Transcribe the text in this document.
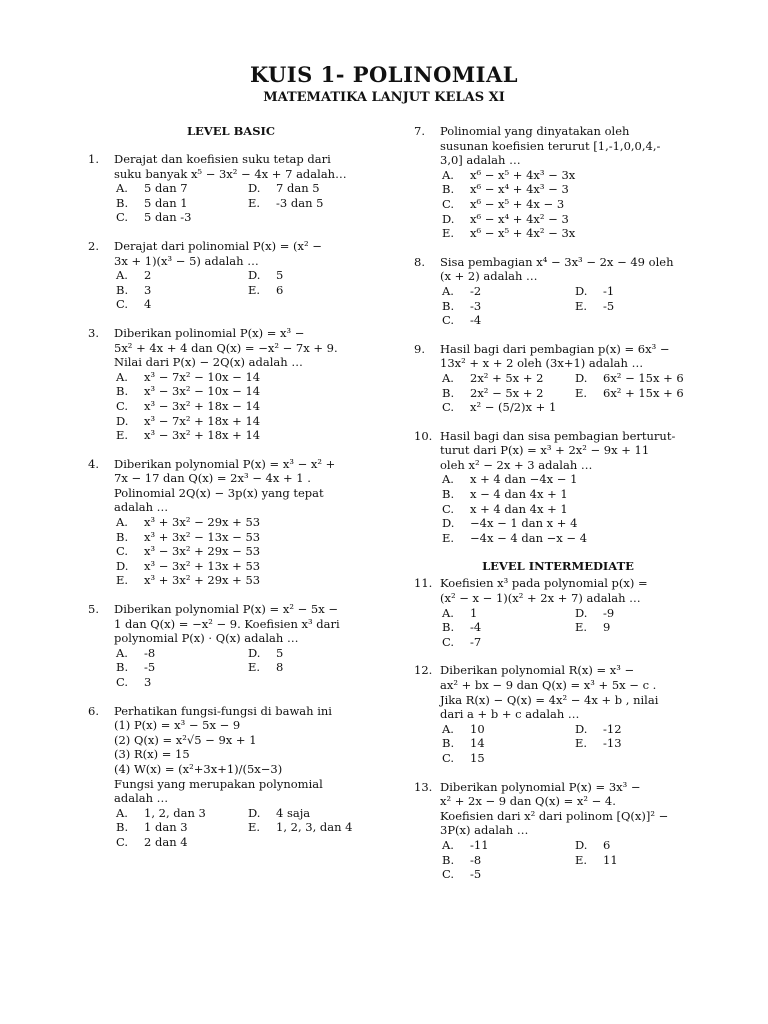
KUIS 1- POLINOMIAL
MATEMATIKA LANJUT KELAS XI
LEVEL BASIC
1. Derajat dan koefisien suku tetap dari
suku banyak x⁵ − 3x² − 4x + 7 adalah…
A.	5 dan 7	D.	7 dan 5
B.	5 dan 1	E.	-3 dan 5
C.	5 dan -3
2. Derajat dari polinomial P(x) = (x² −
3x + 1)(x³ − 5) adalah …
A.	2	D.	5
B.	3	E.	6
C.	4
3. Diberikan polinomial P(x) = x³ −
5x² + 4x + 4 dan Q(x) = −x² − 7x + 9.
Nilai dari P(x) − 2Q(x) adalah …
A.	x³ − 7x² − 10x − 14
B.	x³ − 3x² − 10x − 14
C.	x³ − 3x² + 18x − 14
D.	x³ − 7x² + 18x + 14
E.	x³ − 3x² + 18x + 14
4. Diberikan polynomial P(x) = x³ − x² +
7x − 17 dan Q(x) = 2x³ − 4x + 1 .
Polinomial 2Q(x) − 3p(x) yang tepat
adalah …
A.	x³ + 3x² − 29x + 53
B.	x³ + 3x² − 13x − 53
C.	x³ − 3x² + 29x − 53
D.	x³ − 3x² + 13x + 53
E.	x³ + 3x² + 29x + 53
5. Diberikan polynomial P(x) = x² − 5x −
1 dan Q(x) = −x² − 9. Koefisien x³ dari
polynomial P(x) · Q(x) adalah …
A.	-8	D.	5
B.	-5	E.	8
C.	3
6. Perhatikan fungsi-fungsi di bawah ini
(1) P(x) = x³ − 5x − 9
(2) Q(x) = x²√5 − 9x + 1
(3) R(x) = 15
(4) W(x) = (x²+3x+1)/(5x−3)
Fungsi yang merupakan polynomial
adalah …
A.	1, 2, dan 3	D.	4 saja
B.	1 dan 3	E.	1, 2, 3, dan 4
C.	2 dan 4
7. Polinomial yang dinyatakan oleh
susunan koefisien terurut [1,-1,0,0,4,-
3,0] adalah …
A.	x⁶ − x⁵ + 4x³ − 3x
B.	x⁶ − x⁴ + 4x³ − 3
C.	x⁶ − x⁵ + 4x − 3
D.	x⁶ − x⁴ + 4x² − 3
E.	x⁶ − x⁵ + 4x² − 3x
8. Sisa pembagian x⁴ − 3x³ − 2x − 49 oleh
(x + 2) adalah …
A.	-2	D.	-1
B.	-3	E.	-5
C.	-4
9. Hasil bagi dari pembagian p(x) = 6x³ −
13x² + x + 2 oleh (3x+1) adalah …
A.	2x² + 5x + 2	D.	6x² − 15x + 6
B.	2x² − 5x + 2	E.	6x² + 15x + 6
C.	x² − (5/2)x + 1
10. Hasil bagi dan sisa pembagian berturut-
turut dari P(x) = x³ + 2x² − 9x + 11
oleh x² − 2x + 3 adalah …
A.	x + 4 dan −4x − 1
B.	x − 4 dan 4x + 1
C.	x + 4 dan 4x + 1
D.	−4x − 1 dan x + 4
E.	−4x − 4 dan −x − 4
LEVEL INTERMEDIATE
11. Koefisien x³ pada polynomial p(x) =
(x² − x − 1)(x² + 2x + 7) adalah …
A.	1	D.	-9
B.	-4	E.	9
C.	-7
12. Diberikan polynomial R(x) = x³ −
ax² + bx − 9 dan Q(x) = x³ + 5x − c .
Jika R(x) − Q(x) = 4x² − 4x + b , nilai
dari a + b + c adalah …
A.	10	D.	-12
B.	14	E.	-13
C.	15
13. Diberikan polynomial P(x) = 3x³ −
x² + 2x − 9 dan Q(x) = x² − 4.
Koefisien dari x² dari polinom [Q(x)]² −
3P(x) adalah …
A.	-11	D.	6
B.	-8	E.	11
C.	-5
